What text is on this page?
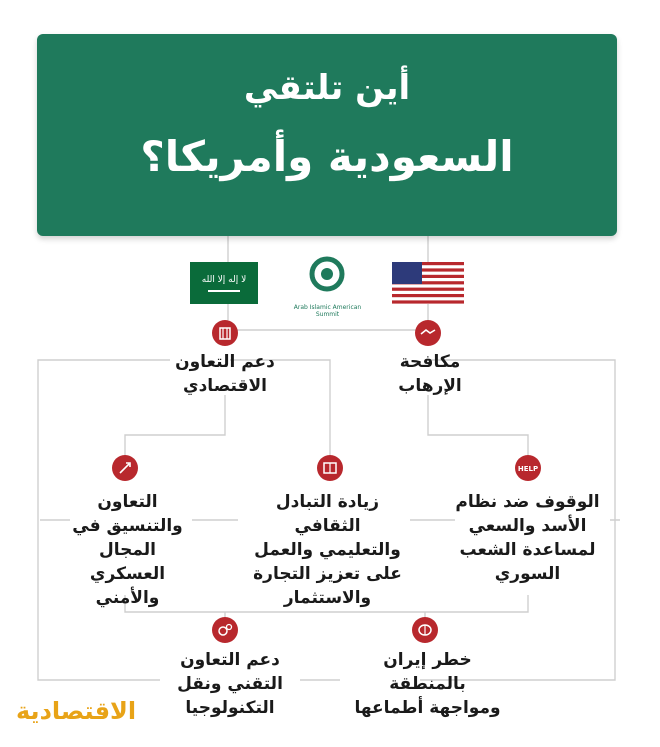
أين تلتقي
السعودية وأمريكا؟
لا إله إلا الله
Arab Islamic American Summit
HELP
دعم التعاون
الاقتصادي
مكافحة
الإرهاب
التعاون
والتنسيق في
المجال العسكري
والأمني
زيادة التبادل الثقافي
والتعليمي والعمل
على تعزيز التجارة
والاستثمار
الوقوف ضد نظام
الأسد والسعي
لمساعدة الشعب
السوري
دعم التعاون
التقني ونقل
التكنولوجيا
خطر إيران
بالمنطقة
ومواجهة أطماعها
الاقتصادية
